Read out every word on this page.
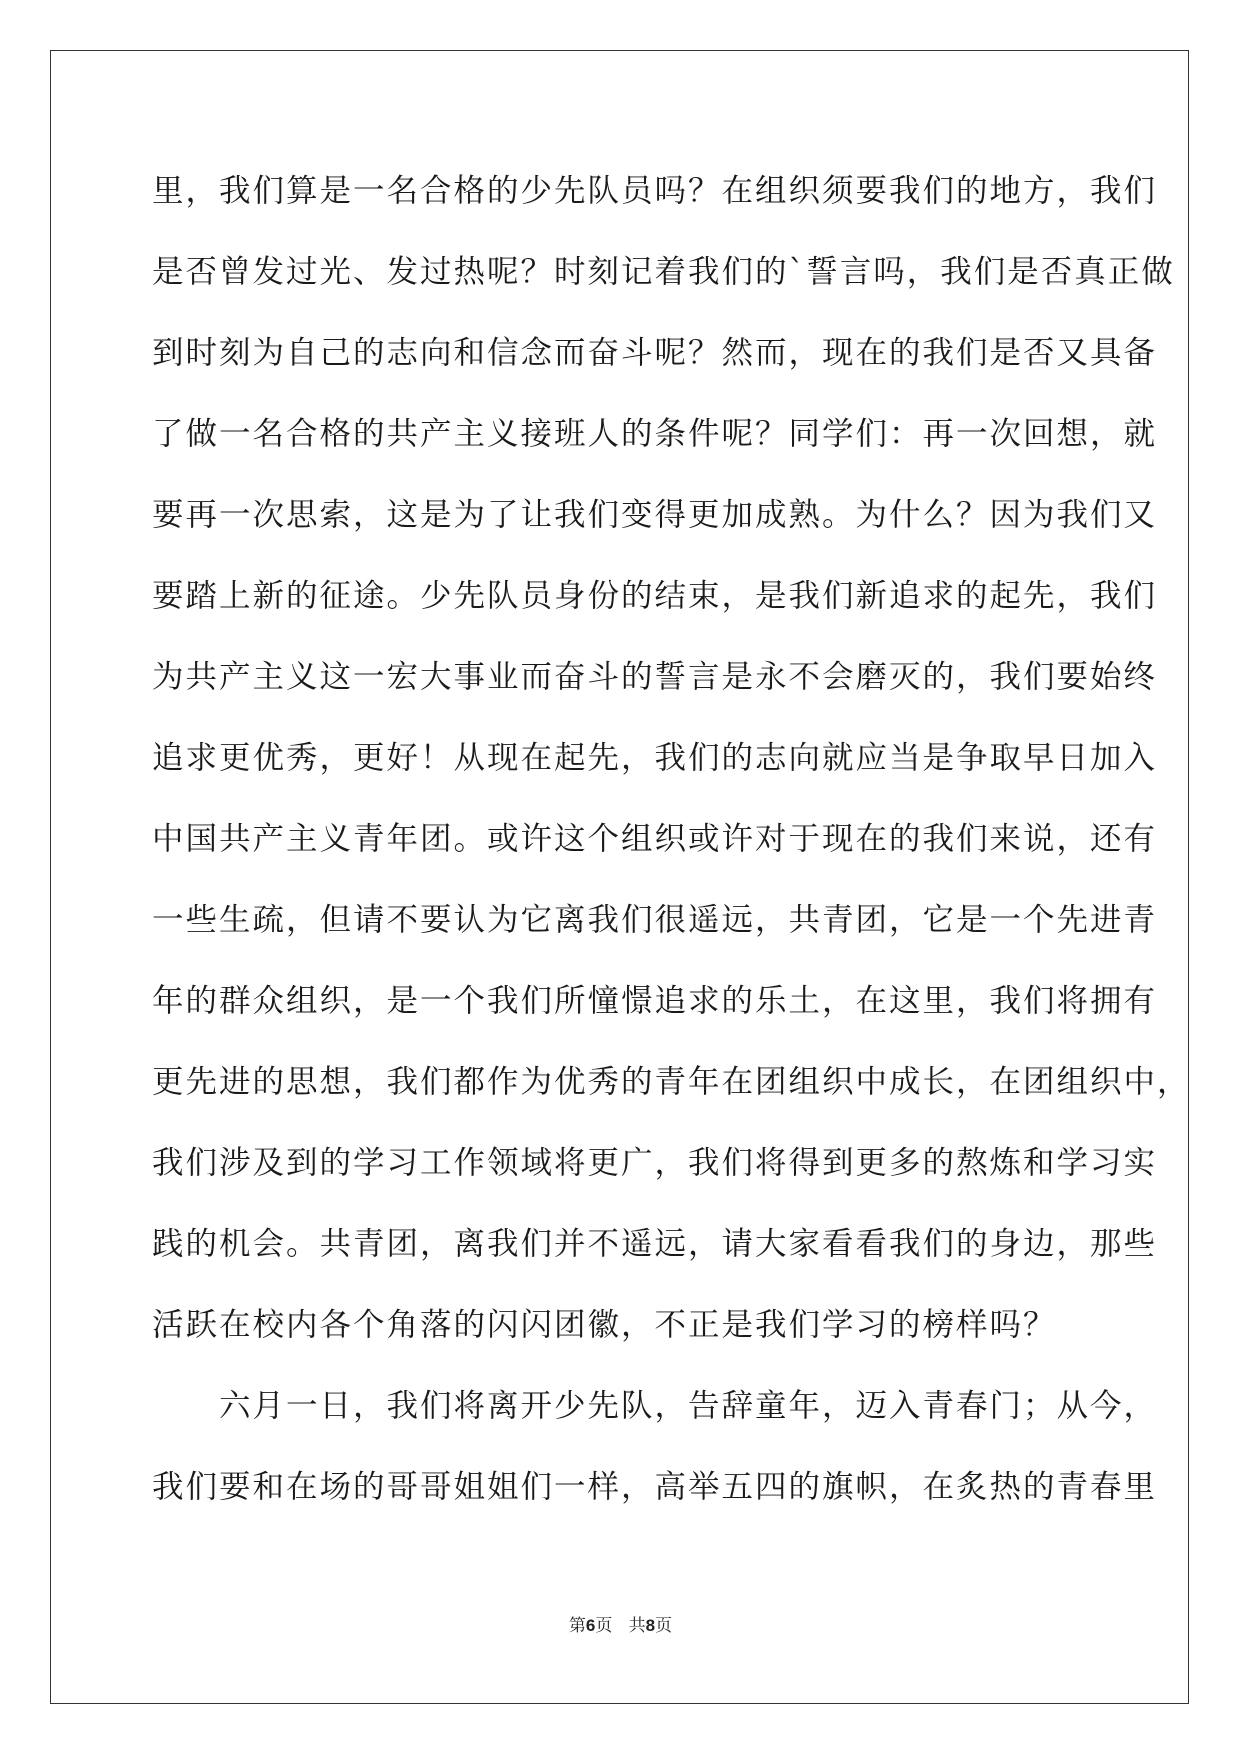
里，我们算是一名合格的少先队员吗？在组织须要我们的地方，我们
是否曾发过光、发过热呢？时刻记着我们的`誓言吗，我们是否真正做
到时刻为自己的志向和信念而奋斗呢？然而，现在的我们是否又具备
了做一名合格的共产主义接班人的条件呢？同学们：再一次回想，就
要再一次思索，这是为了让我们变得更加成熟。为什么？因为我们又
要踏上新的征途。少先队员身份的结束，是我们新追求的起先，我们
为共产主义这一宏大事业而奋斗的誓言是永不会磨灭的，我们要始终
追求更优秀，更好！从现在起先，我们的志向就应当是争取早日加入
中国共产主义青年团。或许这个组织或许对于现在的我们来说，还有
一些生疏，但请不要认为它离我们很遥远，共青团，它是一个先进青
年的群众组织，是一个我们所憧憬追求的乐土，在这里，我们将拥有
更先进的思想，我们都作为优秀的青年在团组织中成长，在团组织中，
我们涉及到的学习工作领域将更广，我们将得到更多的熬炼和学习实
践的机会。共青团，离我们并不遥远，请大家看看我们的身边，那些
活跃在校内各个角落的闪闪团徽，不正是我们学习的榜样吗？
　　六月一日，我们将离开少先队，告辞童年，迈入青春门；从今，
我们要和在场的哥哥姐姐们一样，高举五四的旗帜，在炙热的青春里
第6页 共8页
